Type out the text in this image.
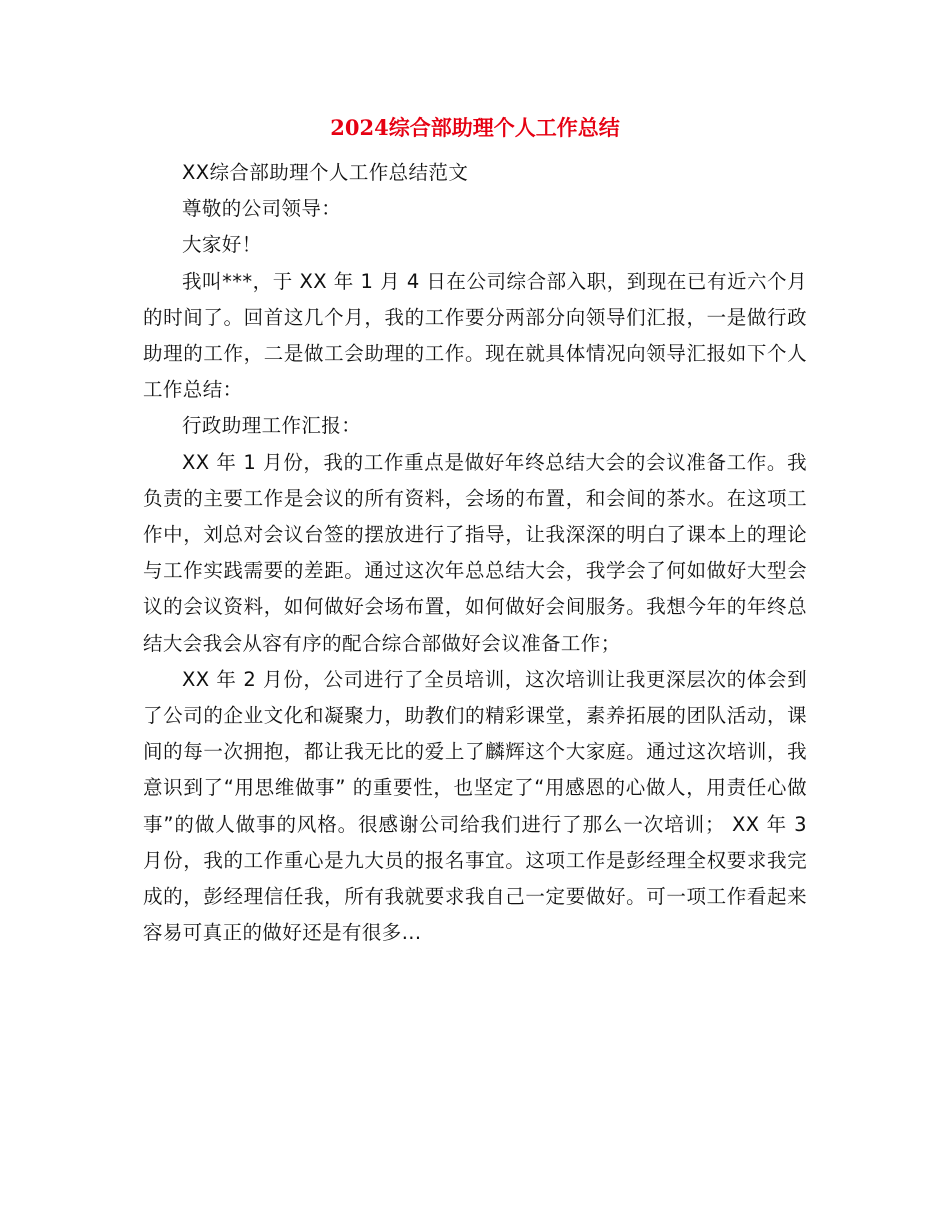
2024综合部助理个人工作总结

XX综合部助理个人工作总结范文

尊敬的公司领导：

大家好！

我叫***，于 XX 年 1 月 4 日在公司综合部入职，到现在已有近六个月的时间了。回首这几个月，我的工作要分两部分向领导们汇报，一是做行政助理的工作，二是做工会助理的工作。现在就具体情况向领导汇报如下个人工作总结：

行政助理工作汇报：

XX 年 1 月份，我的工作重点是做好年终总结大会的会议准备工作。我负责的主要工作是会议的所有资料，会场的布置，和会间的茶水。在这项工作中，刘总对会议台签的摆放进行了指导，让我深深的明白了课本上的理论与工作实践需要的差距。通过这次年总总结大会，我学会了何如做好大型会议的会议资料，如何做好会场布置，如何做好会间服务。我想今年的年终总结大会我会从容有序的配合综合部做好会议准备工作；

XX 年 2 月份，公司进行了全员培训，这次培训让我更深层次的体会到了公司的企业文化和凝聚力，助教们的精彩课堂，素养拓展的团队活动，课间的每一次拥抱，都让我无比的爱上了麟辉这个大家庭。通过这次培训，我意识到了“用思维做事” 的重要性，也坚定了“用感恩的心做人，用责任心做事”的做人做事的风格。很感谢公司给我们进行了那么一次培训； XX 年 3 月份，我的工作重心是九大员的报名事宜。这项工作是彭经理全权要求我完成的，彭经理信任我，所有我就要求我自己一定要做好。可一项工作看起来容易可真正的做好还是有很多...
